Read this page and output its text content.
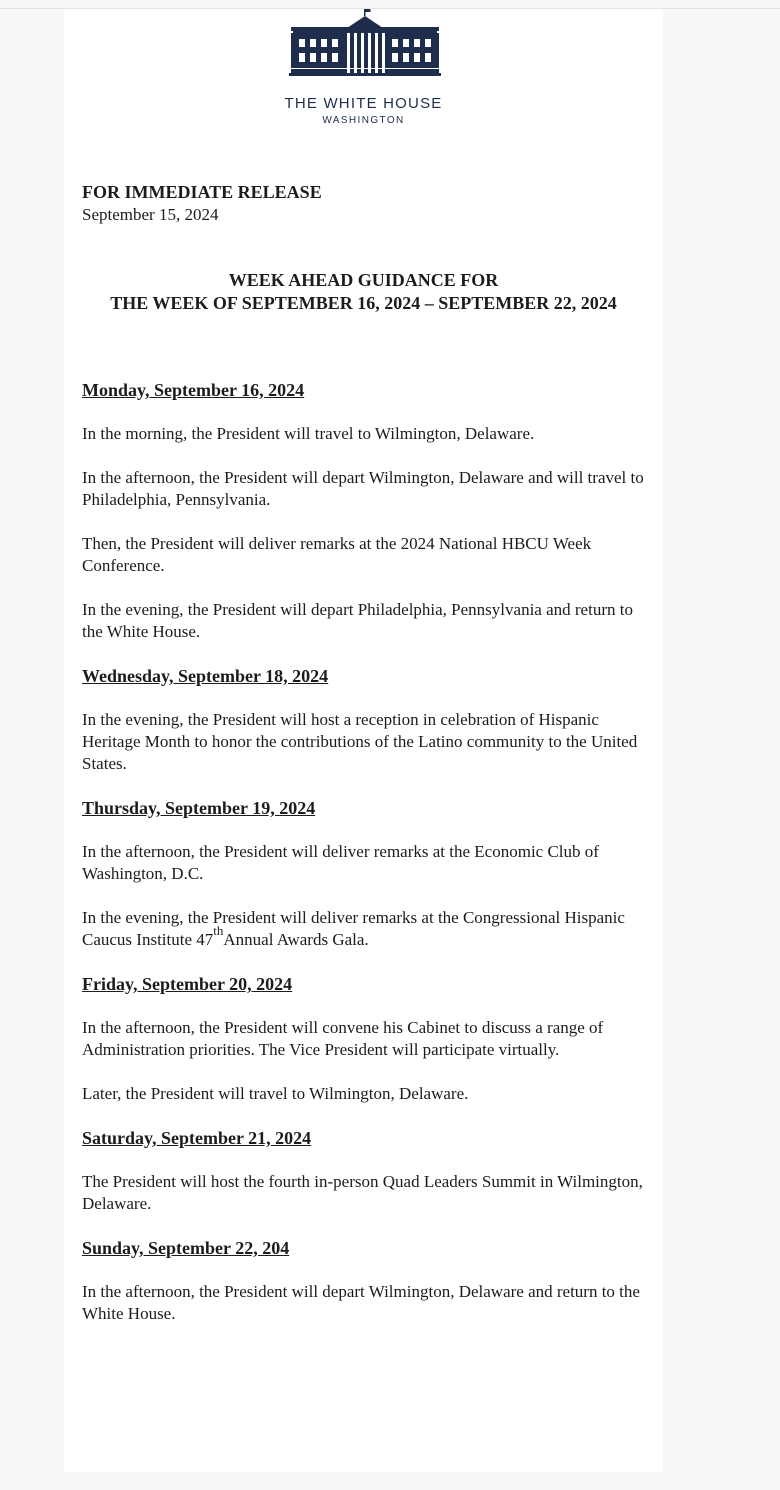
THE WHITE HOUSE
WASHINGTON
FOR IMMEDIATE RELEASE
September 15, 2024
WEEK AHEAD GUIDANCE FOR
THE WEEK OF SEPTEMBER 16, 2024 – SEPTEMBER 22, 2024
Monday, September 16, 2024

In the morning, the President will travel to Wilmington, Delaware.

In the afternoon, the President will depart Wilmington, Delaware and will travel to Philadelphia, Pennsylvania.

Then, the President will deliver remarks at the 2024 National HBCU Week Conference.

In the evening, the President will depart Philadelphia, Pennsylvania and return to the White House.

Wednesday, September 18, 2024

In the evening, the President will host a reception in celebration of Hispanic Heritage Month to honor the contributions of the Latino community to the United States.

Thursday, September 19, 2024

In the afternoon, the President will deliver remarks at the Economic Club of Washington, D.C.

In the evening, the President will deliver remarks at the Congressional Hispanic Caucus Institute 47thAnnual Awards Gala.

Friday, September 20, 2024

In the afternoon, the President will convene his Cabinet to discuss a range of Administration priorities. The Vice President will participate virtually.

Later, the President will travel to Wilmington, Delaware.

Saturday, September 21, 2024

The President will host the fourth in-person Quad Leaders Summit in Wilmington, Delaware.

Sunday, September 22, 204

In the afternoon, the President will depart Wilmington, Delaware and return to the White House.
